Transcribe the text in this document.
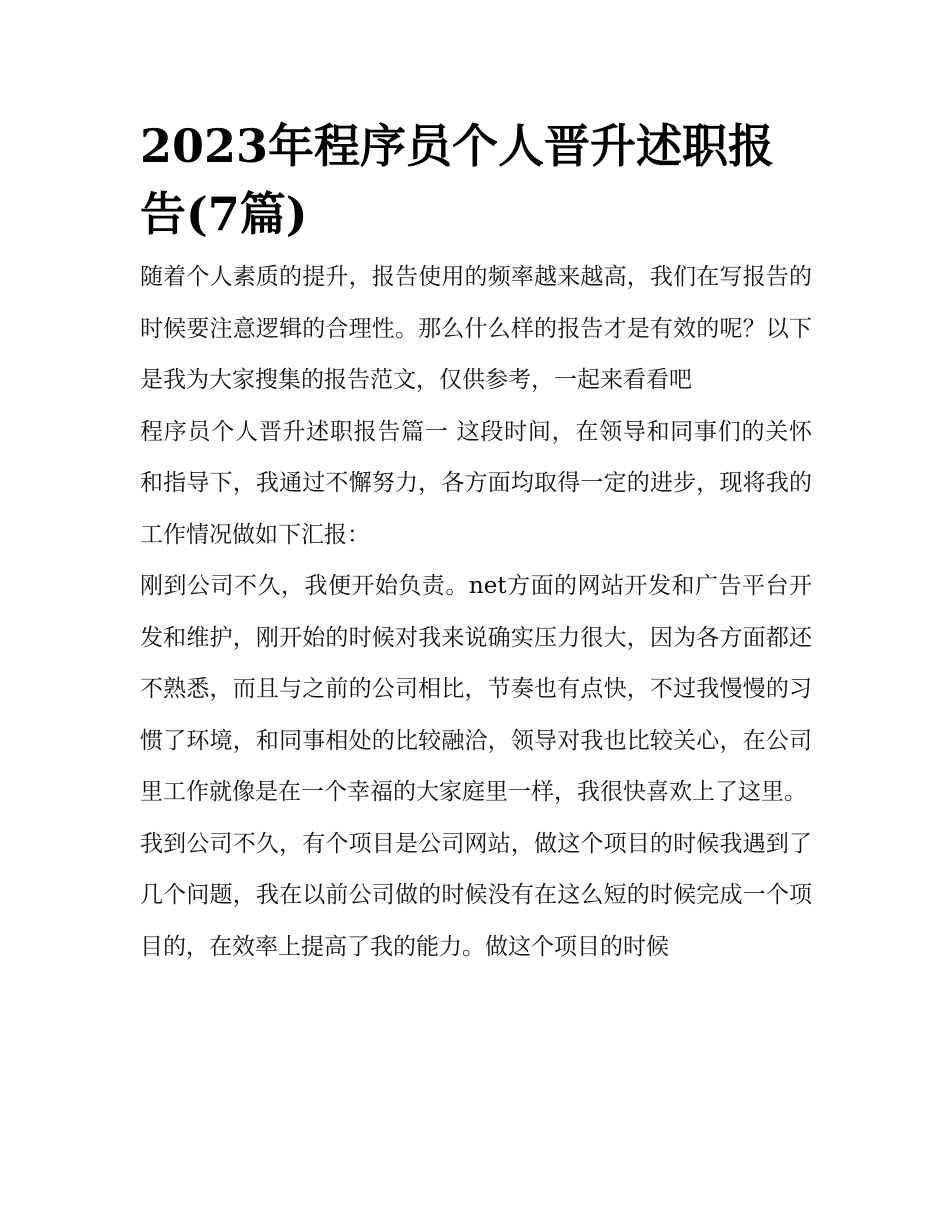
2023年程序员个人晋升述职报告(7篇)

随着个人素质的提升，报告使用的频率越来越高，我们在写报告的时候要注意逻辑的合理性。那么什么样的报告才是有效的呢？以下是我为大家搜集的报告范文，仅供参考，一起来看看吧

程序员个人晋升述职报告篇一 这段时间，在领导和同事们的关怀和指导下，我通过不懈努力，各方面均取得一定的进步，现将我的工作情况做如下汇报：

刚到公司不久，我便开始负责。net方面的网站开发和广告平台开发和维护，刚开始的时候对我来说确实压力很大，因为各方面都还不熟悉，而且与之前的公司相比，节奏也有点快，不过我慢慢的习惯了环境，和同事相处的比较融洽，领导对我也比较关心，在公司里工作就像是在一个幸福的大家庭里一样，我很快喜欢上了这里。

我到公司不久，有个项目是公司网站，做这个项目的时候我遇到了几个问题，我在以前公司做的时候没有在这么短的时候完成一个项目的，在效率上提高了我的能力。做这个项目的时候
